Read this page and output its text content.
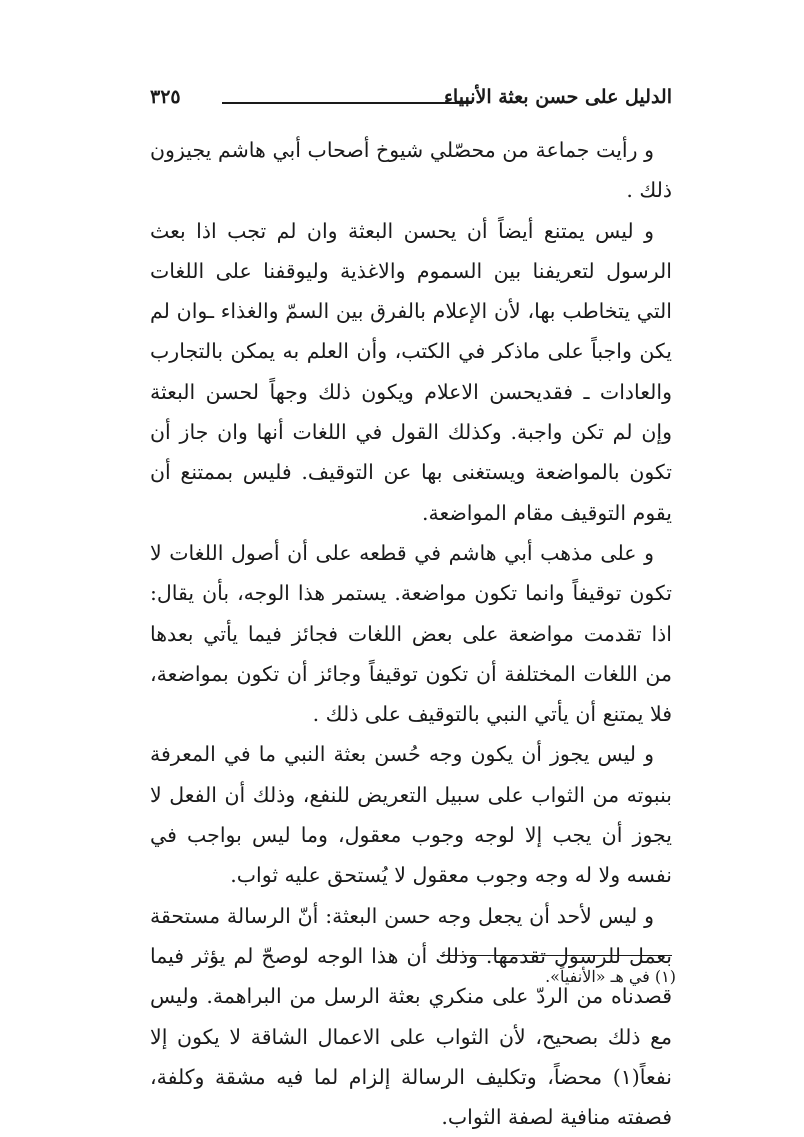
الدليل على حسن بعثة الأنبياء
٣٢٥

و رأيت جماعة من محصّلي شيوخ أصحاب أبي هاشم يجيزون ذلك .

و ليس يمتنع أيضاً أن يحسن البعثة وان لم تجب اذا بعث الرسول لتعريفنا بين السموم والاغذية وليوقفنا على اللغات التي يتخاطب بها، لأن الإعلام بالفرق بين السمّ والغذاء ـوان لم يكن واجباً على ماذكر في الكتب، وأن العلم به يمكن بالتجارب والعادات ـ فقديحسن الاعلام ويكون ذلك وجهاً لحسن البعثة وإن لم تكن واجبة. وكذلك القول في اللغات أنها وان جاز أن تكون بالمواضعة ويستغنى بها عن التوقيف. فليس بممتنع أن يقوم التوقيف مقام المواضعة.

و على مذهب أبي هاشم في قطعه على أن أصول اللغات لا تكون توقيفاً وانما تكون مواضعة. يستمر هذا الوجه، بأن يقال: اذا تقدمت مواضعة على بعض اللغات فجائز فيما يأتي بعدها من اللغات المختلفة أن تكون توقيفاً وجائز أن تكون بمواضعة، فلا يمتنع أن يأتي النبي بالتوقيف على ذلك .

و ليس يجوز أن يكون وجه حُسن بعثة النبي ما في المعرفة بنبوته من الثواب على سبيل التعريض للنفع، وذلك أن الفعل لا يجوز أن يجب إلا لوجه وجوب معقول، وما ليس بواجب في نفسه ولا له وجه وجوب معقول لا يُستحق عليه ثواب.

و ليس لأحد أن يجعل وجه حسن البعثة: أنّ الرسالة مستحقة بعمل للرسول تقدمها. وذلك أن هذا الوجه لوصحّ لم يؤثر فيما قصدناه من الردّ على منكري بعثة الرسل من البراهمة. وليس مع ذلك بصحيح، لأن الثواب على الاعمال الشاقة لا يكون إلا نفعاً(١) محضاً، وتكليف الرسالة إلزام لما فيه مشقة وكلفة، فصفته منافية لصفة الثواب.

(١) في هـ «الأنفياً».
